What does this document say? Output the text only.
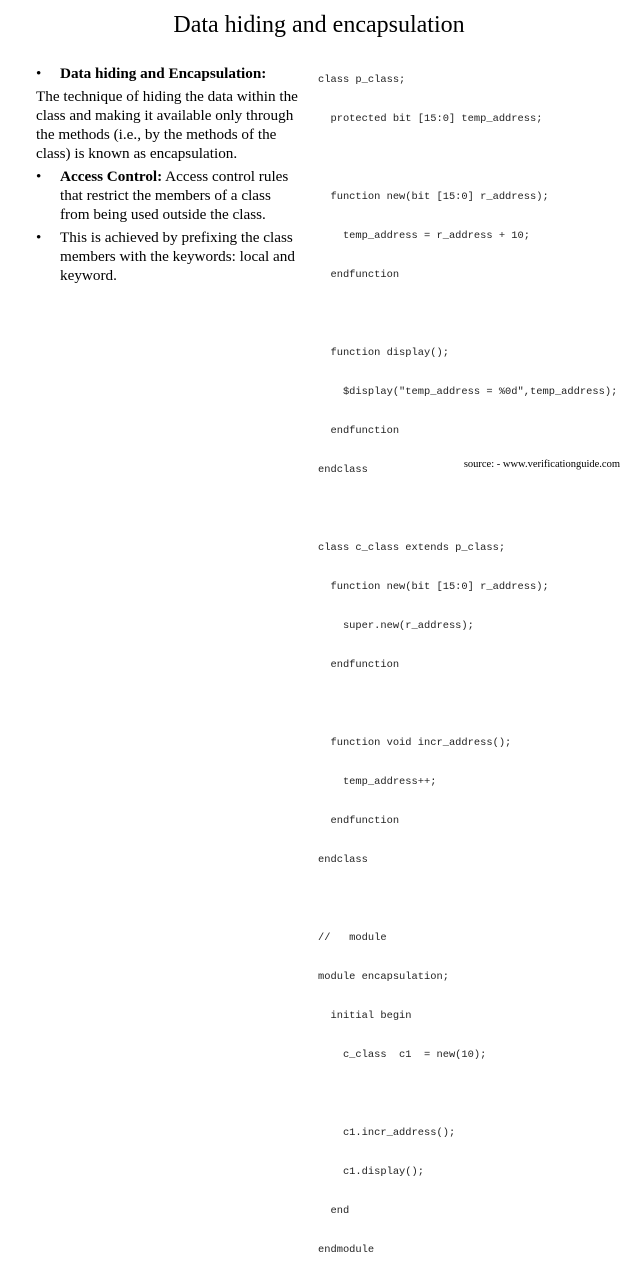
Data hiding and encapsulation
•	Data hiding and Encapsulation:
The technique of hiding the data within the class and making it available only through the methods (i.e., by the methods of the class) is known as encapsulation.
•	Access Control: Access control rules that restrict the members of a class from being used outside the class.
•	This is achieved by prefixing the class members with the keywords: local and keyword.

class p_class;

protected bit [15:0] temp_address;

function new(bit [15:0] r_address);

temp_address = r_address + 10;

endfunction

function display();

$display("temp_address = %0d",temp_address);

endfunction

endclass

class c_class extends p_class;

function new(bit [15:0] r_address);

super.new(r_address);

endfunction

function void incr_address();

temp_address++;

endfunction

endclass

//   module

module encapsulation;

initial begin

c_class  c1  = new(10);

c1.incr_address();

c1.display();

end

endmodule

source: - www.verificationguide.com
